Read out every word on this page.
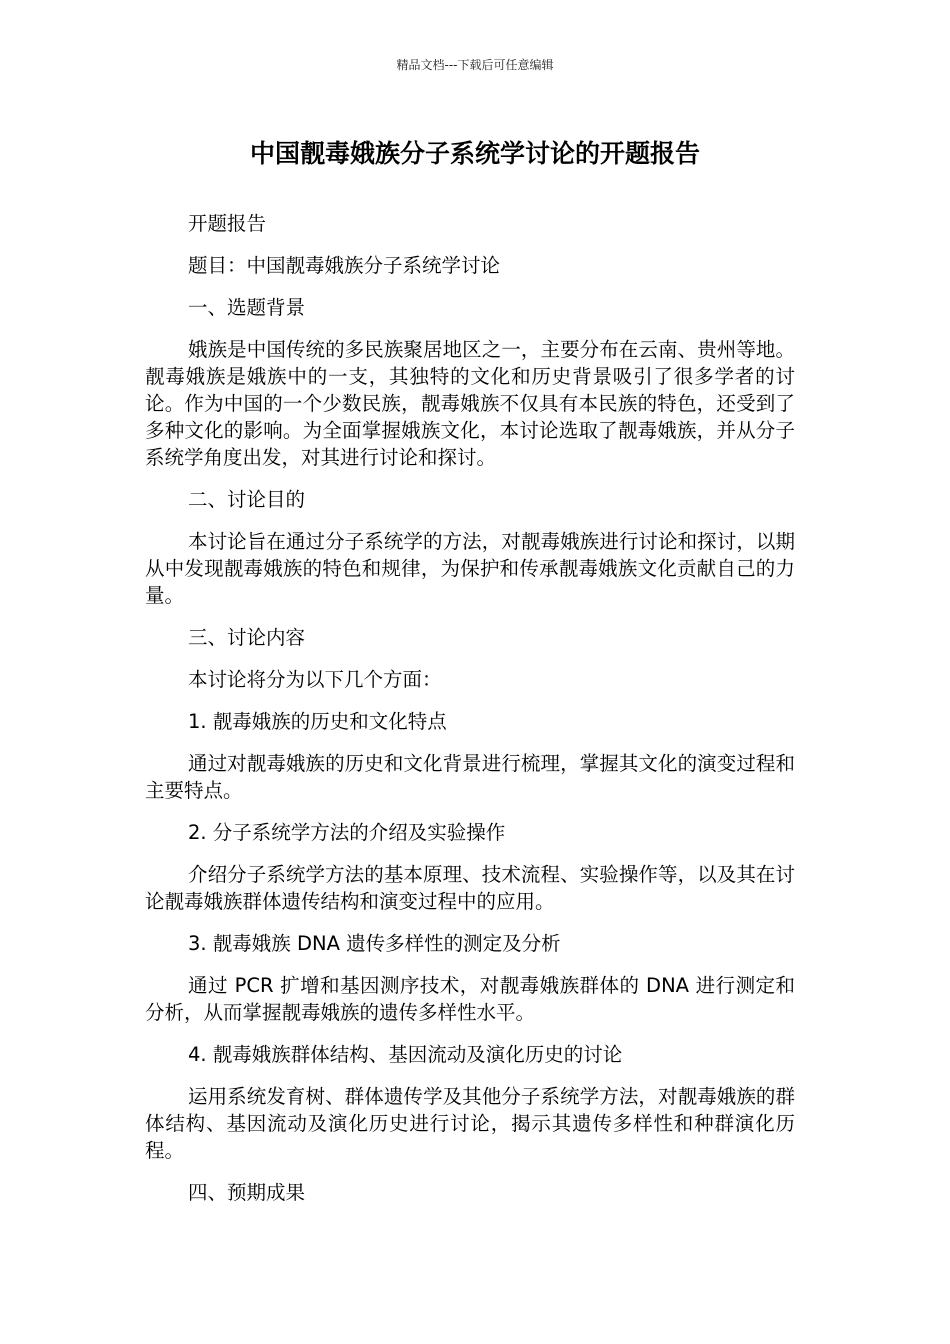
精品文档---下载后可任意编辑
中国靓毒娥族分子系统学讨论的开题报告

开题报告

题目：中国靓毒娥族分子系统学讨论

一、选题背景

娥族是中国传统的多民族聚居地区之一，主要分布在云南、贵州等地。靓毒娥族是娥族中的一支，其独特的文化和历史背景吸引了很多学者的讨论。作为中国的一个少数民族，靓毒娥族不仅具有本民族的特色，还受到了多种文化的影响。为全面掌握娥族文化，本讨论选取了靓毒娥族，并从分子系统学角度出发，对其进行讨论和探讨。

二、讨论目的

本讨论旨在通过分子系统学的方法，对靓毒娥族进行讨论和探讨，以期从中发现靓毒娥族的特色和规律，为保护和传承靓毒娥族文化贡献自己的力量。

三、讨论内容

本讨论将分为以下几个方面：

1. 靓毒娥族的历史和文化特点

通过对靓毒娥族的历史和文化背景进行梳理，掌握其文化的演变过程和主要特点。

2. 分子系统学方法的介绍及实验操作

介绍分子系统学方法的基本原理、技术流程、实验操作等，以及其在讨论靓毒娥族群体遗传结构和演变过程中的应用。

3. 靓毒娥族 DNA 遗传多样性的测定及分析

通过 PCR 扩增和基因测序技术，对靓毒娥族群体的 DNA 进行测定和分析，从而掌握靓毒娥族的遗传多样性水平。

4. 靓毒娥族群体结构、基因流动及演化历史的讨论

运用系统发育树、群体遗传学及其他分子系统学方法，对靓毒娥族的群体结构、基因流动及演化历史进行讨论，揭示其遗传多样性和种群演化历程。

四、预期成果
